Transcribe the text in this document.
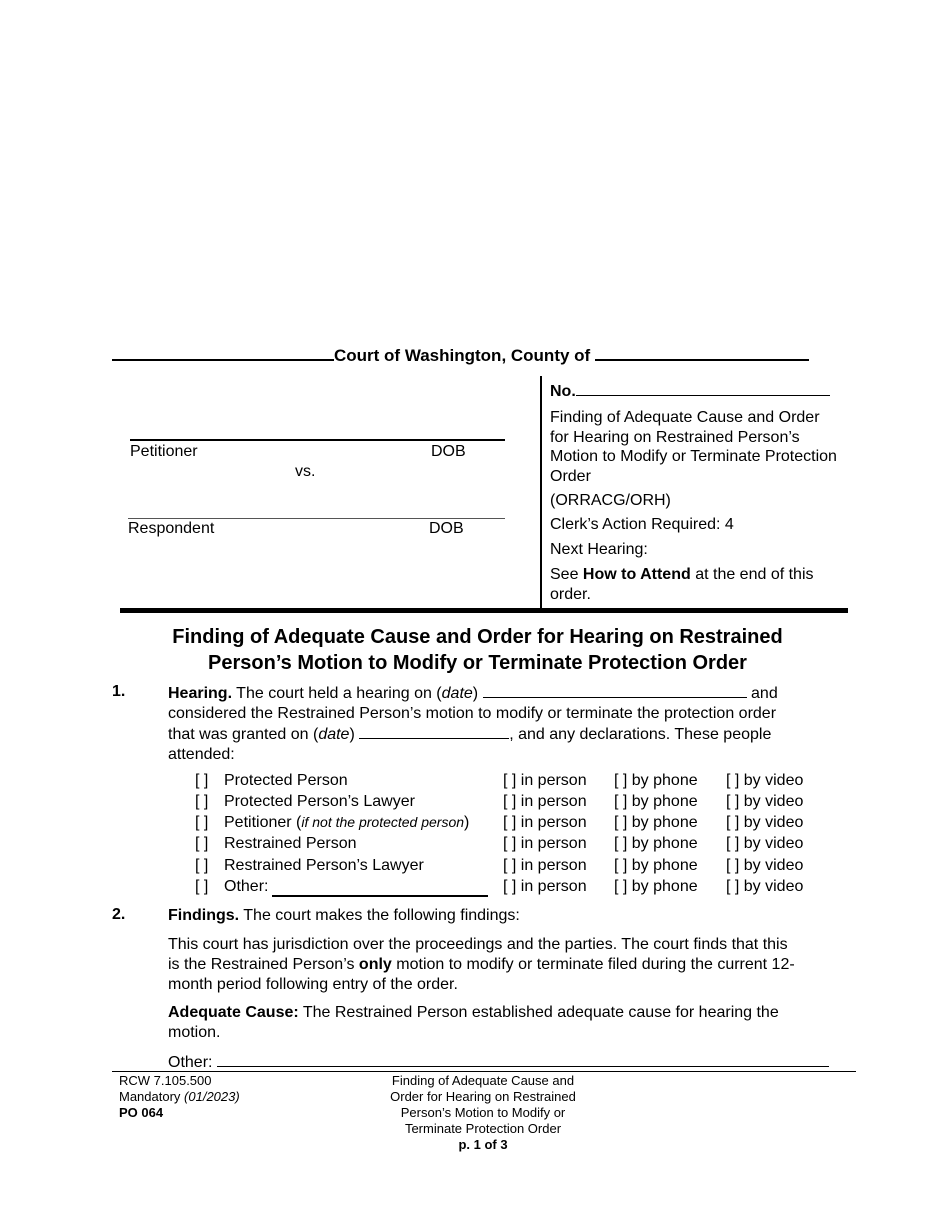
Court of Washington, County of
Petitioner	DOB
vs.
Respondent	DOB
No.
Finding of Adequate Cause and Order for Hearing on Restrained Person’s Motion to Modify or Terminate Protection Order
(ORRACG/ORH)
Clerk’s Action Required: 4
Next Hearing:
See How to Attend at the end of this order.
Finding of Adequate Cause and Order for Hearing on Restrained
Person’s Motion to Modify or Terminate Protection Order
1.	Hearing. The court held a hearing on (date)	and
considered the Restrained Person’s motion to modify or terminate the protection order
that was granted on (date)	, and any declarations. These people
attended:
[ ] Protected Person	[ ] in person [ ] by phone [ ] by video
[ ] Protected Person’s Lawyer	[ ] in person [ ] by phone [ ] by video
[ ] Petitioner (if not the protected person) [ ] in person [ ] by phone [ ] by video
[ ] Restrained Person	[ ] in person [ ] by phone [ ] by video
[ ] Restrained Person’s Lawyer	[ ] in person [ ] by phone [ ] by video
[ ] Other:	[ ] in person [ ] by phone [ ] by video
2.	Findings. The court makes the following findings:
This court has jurisdiction over the proceedings and the parties. The court finds that this
is the Restrained Person’s only motion to modify or terminate filed during the current 12-
month period following entry of the order.
Adequate Cause: The Restrained Person established adequate cause for hearing the
motion.
Other:
RCW 7.105.500
Mandatory (01/2023)
PO 064
Finding of Adequate Cause and
Order for Hearing on Restrained
Person’s Motion to Modify or
Terminate Protection Order
p. 1 of 3
